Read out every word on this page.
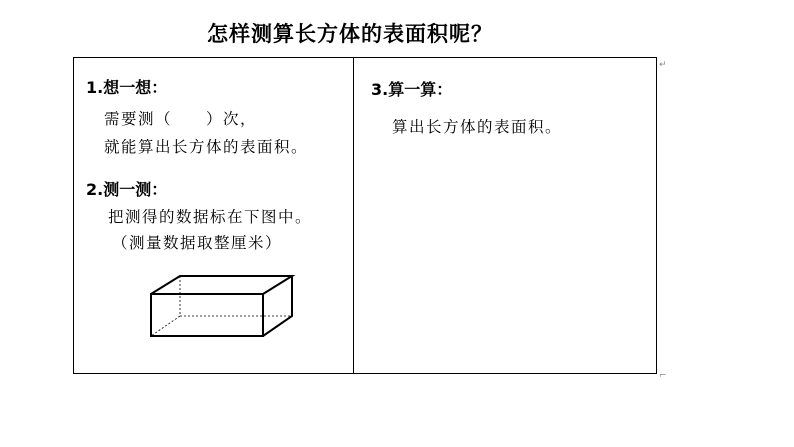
怎样测算长方体的表面积呢？
1.想一想：
需要测（ ）次，
就能算出长方体的表面积。
2.测一测：
把测得的数据标在下图中。
（测量数据取整厘米）
3.算一算：
算出长方体的表面积。
↵
⌐
